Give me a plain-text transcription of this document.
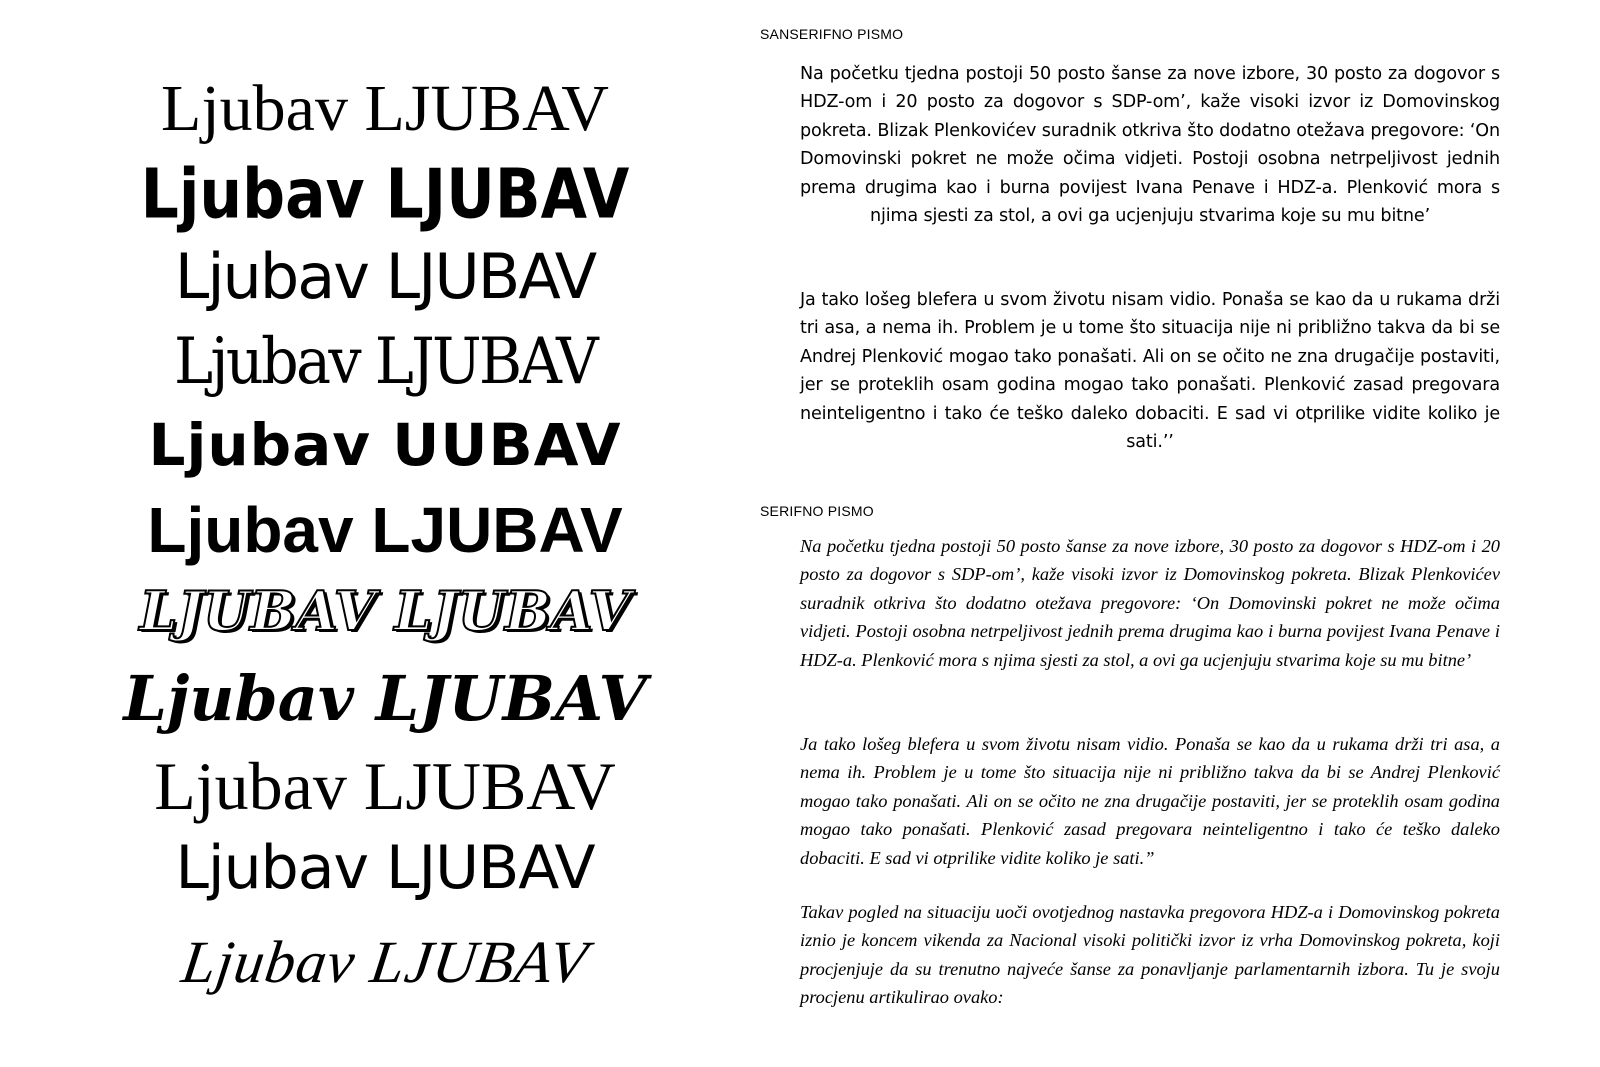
Ljubav LJUBAV
Ljubav LJUBAV
Ljubav LJUBAV
Ljubav LJUBAV
Ljubav UUBAV
Ljubav LJUBAV
LJUBAV LJUBAV
Ljubav LJUBAV
Ljubav LJUBAV
Ljubav LJUBAV
Ljubav LJUBAV
SANSERIFNO PISMO

Na početku tjedna postoji 50 posto šanse za nove izbore, 30 posto za dogovor s HDZ-om i 20 posto za dogovor s SDP-om’, kaže visoki izvor iz Domovinskog pokreta. Blizak Plenkovićev suradnik otkriva što dodatno otežava pregovore: ‘On Domovinski pokret ne može očima vidjeti. Postoji osobna netrpeljivost jednih prema drugima kao i burna povijest Ivana Penave i HDZ-a. Plenković mora s njima sjesti za stol, a ovi ga ucjenjuju stvarima koje su mu bitne’

Ja tako lošeg blefera u svom životu nisam vidio. Ponaša se kao da u rukama drži tri asa, a nema ih. Problem je u tome što situacija nije ni približno takva da bi se Andrej Plenković mogao tako ponašati. Ali on se očito ne zna drugačije postaviti, jer se proteklih osam godina mogao tako ponašati. Plenković zasad pregovara neinteligentno i tako će teško daleko dobaciti. E sad vi otprilike vidite koliko je sati.’’

SERIFNO PISMO

Na početku tjedna postoji 50 posto šanse za nove izbore, 30 posto za dogovor s HDZ-om i 20 posto za dogovor s SDP-om’, kaže visoki izvor iz Domovinskog pokreta. Blizak Plenkovićev suradnik otkriva što dodatno otežava pregovore: ‘On Domovinski pokret ne može očima vidjeti. Postoji osobna netrpeljivost jednih prema drugima kao i burna povijest Ivana Penave i HDZ-a. Plenković mora s njima sjesti za stol, a ovi ga ucjenjuju stvarima koje su mu bitne’

Ja tako lošeg blefera u svom životu nisam vidio. Ponaša se kao da u rukama drži tri asa, a nema ih. Problem je u tome što situacija nije ni približno takva da bi se Andrej Plenković mogao tako ponašati. Ali on se očito ne zna drugačije postaviti, jer se proteklih osam godina mogao tako ponašati. Plenković zasad pregovara neinteligentno i tako će teško daleko dobaciti. E sad vi otprilike vidite koliko je sati.”

Takav pogled na situaciju uoči ovotjednog nastavka pregovora HDZ-a i Domovinskog pokreta iznio je koncem vikenda za Nacional visoki politički izvor iz vrha Domovinskog pokreta, koji procjenjuje da su trenutno najveće šanse za ponavljanje parlamentarnih izbora. Tu je svoju procjenu artikulirao ovako:
